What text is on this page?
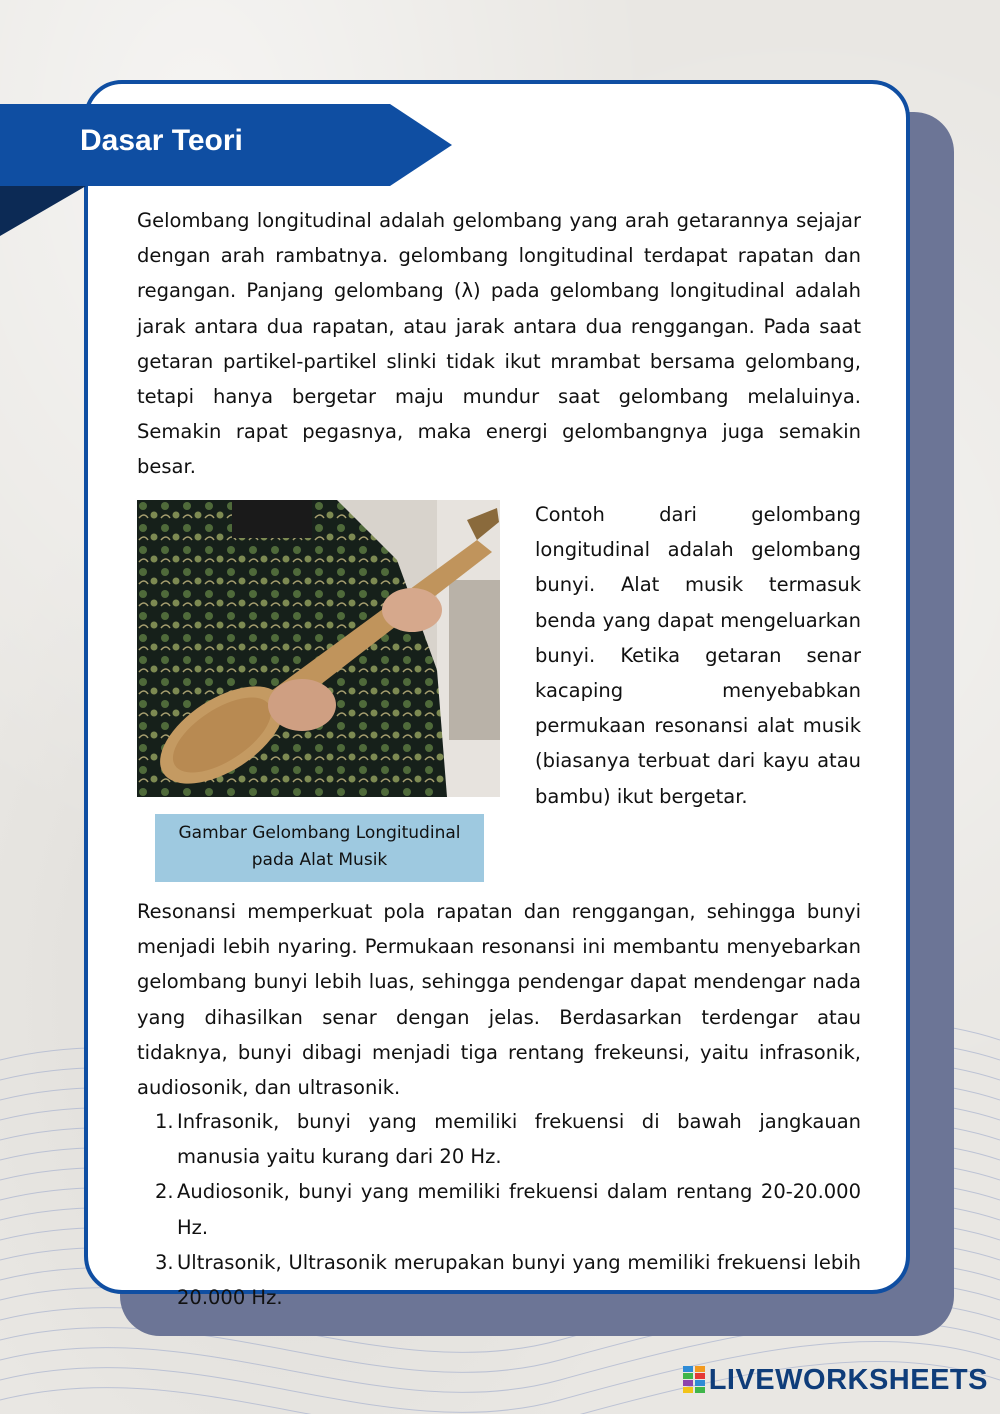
Dasar Teori

Gelombang longitudinal adalah gelombang yang arah getarannya sejajar dengan arah rambatnya. gelombang longitudinal terdapat rapatan dan regangan. Panjang gelombang (λ) pada gelombang longitudinal adalah jarak antara dua rapatan, atau jarak antara dua renggangan. Pada saat getaran partikel-partikel slinki tidak ikut mrambat bersama gelombang, tetapi hanya bergetar maju mundur saat gelombang melaluinya. Semakin rapat pegasnya, maka energi gelombangnya juga semakin besar.

Gambar Gelombang Longitudinal
pada Alat Musik

Contoh dari gelombang longitudinal adalah gelombang bunyi. Alat musik termasuk benda yang dapat mengeluarkan bunyi. Ketika getaran senar kacaping menyebabkan permukaan resonansi alat musik (biasanya terbuat dari kayu atau bambu) ikut bergetar.

Resonansi memperkuat pola rapatan dan renggangan, sehingga bunyi menjadi lebih nyaring. Permukaan resonansi ini membantu menyebarkan gelombang bunyi lebih luas, sehingga pendengar dapat mendengar nada yang dihasilkan senar dengan jelas. Berdasarkan terdengar atau tidaknya, bunyi dibagi menjadi tiga rentang frekeunsi, yaitu infrasonik, audiosonik, dan ultrasonik.

1. Infrasonik, bunyi yang memiliki frekuensi di bawah jangkauan manusia yaitu kurang dari 20 Hz.
2. Audiosonik, bunyi yang memiliki frekuensi dalam rentang 20-20.000 Hz.
3. Ultrasonik, Ultrasonik merupakan bunyi yang memiliki frekuensi lebih 20.000 Hz.
LIVEWORKSHEETS
